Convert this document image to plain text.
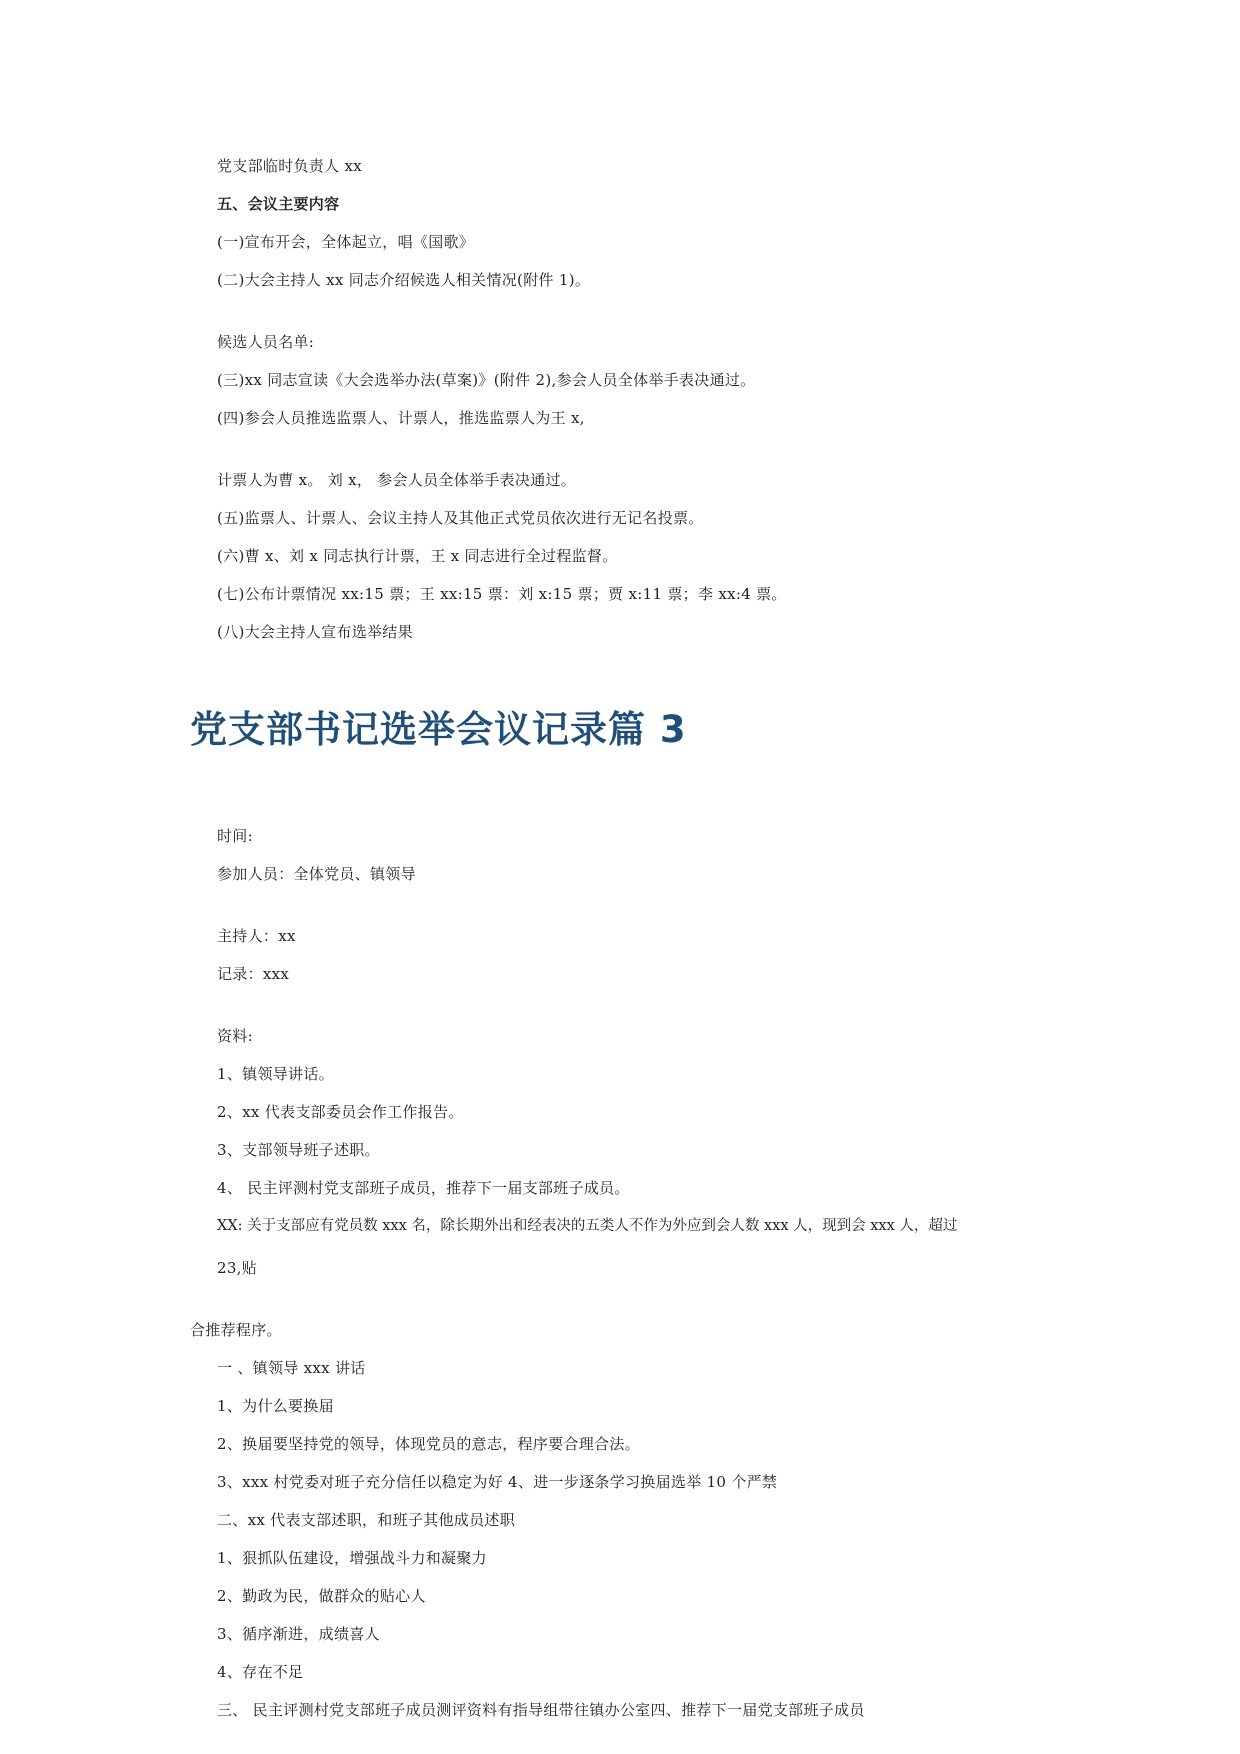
党支部临时负责人 xx
五、会议主要内容
(一)宣布开会，全体起立，唱《国歌》
(二)大会主持人 xx 同志介绍候选人相关情况(附件 1)。
候选人员名单:
(三)xx 同志宣读《大会选举办法(草案)》(附件 2),参会人员全体举手表决通过。
(四)参会人员推选监票人、计票人，推选监票人为王 x,
计票人为曹 x。 刘 x， 参会人员全体举手表决通过。
(五)监票人、计票人、会议主持人及其他正式党员依次进行无记名投票。
(六)曹 x、刘 x 同志执行计票，王 x 同志进行全过程监督。
(七)公布计票情况 xx:15 票；王 xx:15 票：刘 x:15 票；贾 x:11 票；李 xx:4 票。
(八)大会主持人宣布选举结果
党支部书记选举会议记录篇 3
时间:
参加人员：全体党员、镇领导
主持人：xx
记录：xxx
资料:
1、镇领导讲话。
2、xx 代表支部委员会作工作报告。
3、支部领导班子述职。
4、 民主评测村党支部班子成员，推荐下一届支部班子成员。
XX: 关于支部应有党员数 xxx 名，除长期外出和经表决的五类人不作为外应到会人数 xxx 人，现到会 xxx 人，超过
23,贴
合推荐程序。
一 、镇领导 xxx 讲话
1、为什么要换届
2、换届要坚持党的领导，体现党员的意志，程序要合理合法。
3、xxx 村党委对班子充分信任以稳定为好 4、进一步逐条学习换届选举 10 个严禁
二、xx 代表支部述职，和班子其他成员述职
1、狠抓队伍建设，增强战斗力和凝聚力
2、勤政为民，做群众的贴心人
3、循序渐进，成绩喜人
4、存在不足
三、 民主评测村党支部班子成员测评资料有指导组带往镇办公室四、推荐下一届党支部班子成员
